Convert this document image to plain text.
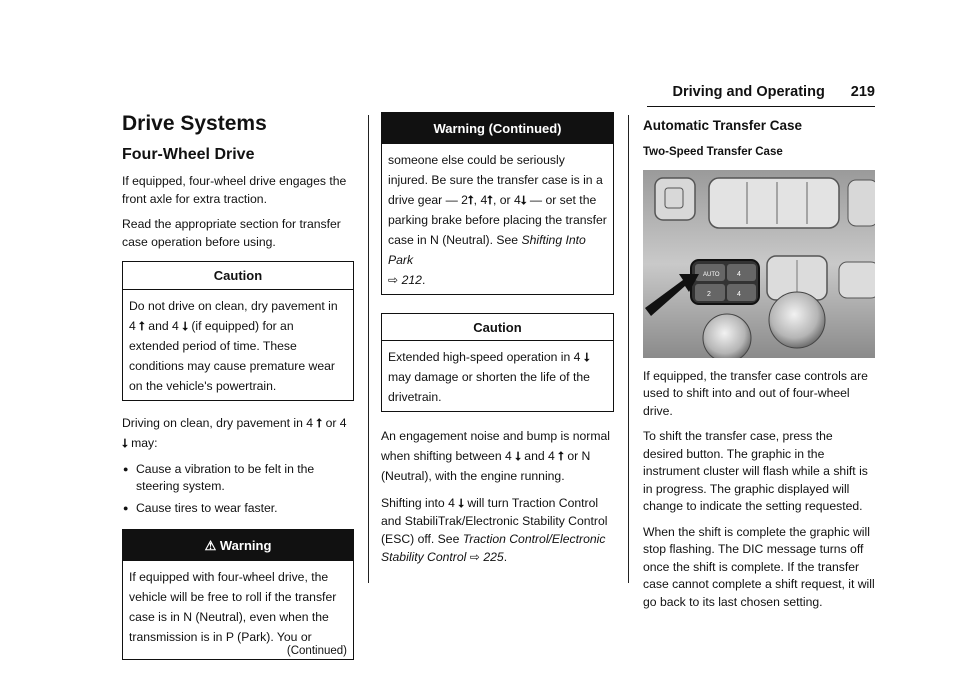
Driving and Operating 219
Drive Systems
Four-Wheel Drive

If equipped, four-wheel drive engages the front axle for extra traction.

Read the appropriate section for transfer case operation before using.

Caution
Do not drive on clean, dry pavement in 4 ⭡ and 4 ⭣ (if equipped) for an extended period of time. These conditions may cause premature wear on the vehicle's powertrain.

Driving on clean, dry pavement in 4 ⭡ or 4 ⭣ may:

● Cause a vibration to be felt in the steering system.
● Cause tires to wear faster.
⚠ Warning
If equipped with four-wheel drive, the vehicle will be free to roll if the transfer case is in N (Neutral), even when the transmission is in P (Park). You or
(Continued)
Warning (Continued)
someone else could be seriously injured. Be sure the transfer case is in a drive gear — 2⭡, 4⭡, or 4⭣ — or set the parking brake before placing the transfer case in N (Neutral). See Shifting Into Park
⇨ 212.
Caution
Extended high-speed operation in 4 ⭣ may damage or shorten the life of the drivetrain.

An engagement noise and bump is normal when shifting between 4 ⭣ and 4 ⭡ or N (Neutral), with the engine running.

Shifting into 4 ⭣ will turn Traction Control and StabiliTrak/Electronic Stability Control (ESC) off. See Traction Control/Electronic Stability Control ⇨ 225.

Automatic Transfer Case
Two-Speed Transfer Case
AUTO 4
2	4

If equipped, the transfer case controls are used to shift into and out of four-wheel drive.

To shift the transfer case, press the desired button. The graphic in the instrument cluster will flash while a shift is in progress. The graphic displayed will change to indicate the setting requested.

When the shift is complete the graphic will stop flashing. The DIC message turns off once the shift is complete. If the transfer case cannot complete a shift request, it will go back to its last chosen setting.
